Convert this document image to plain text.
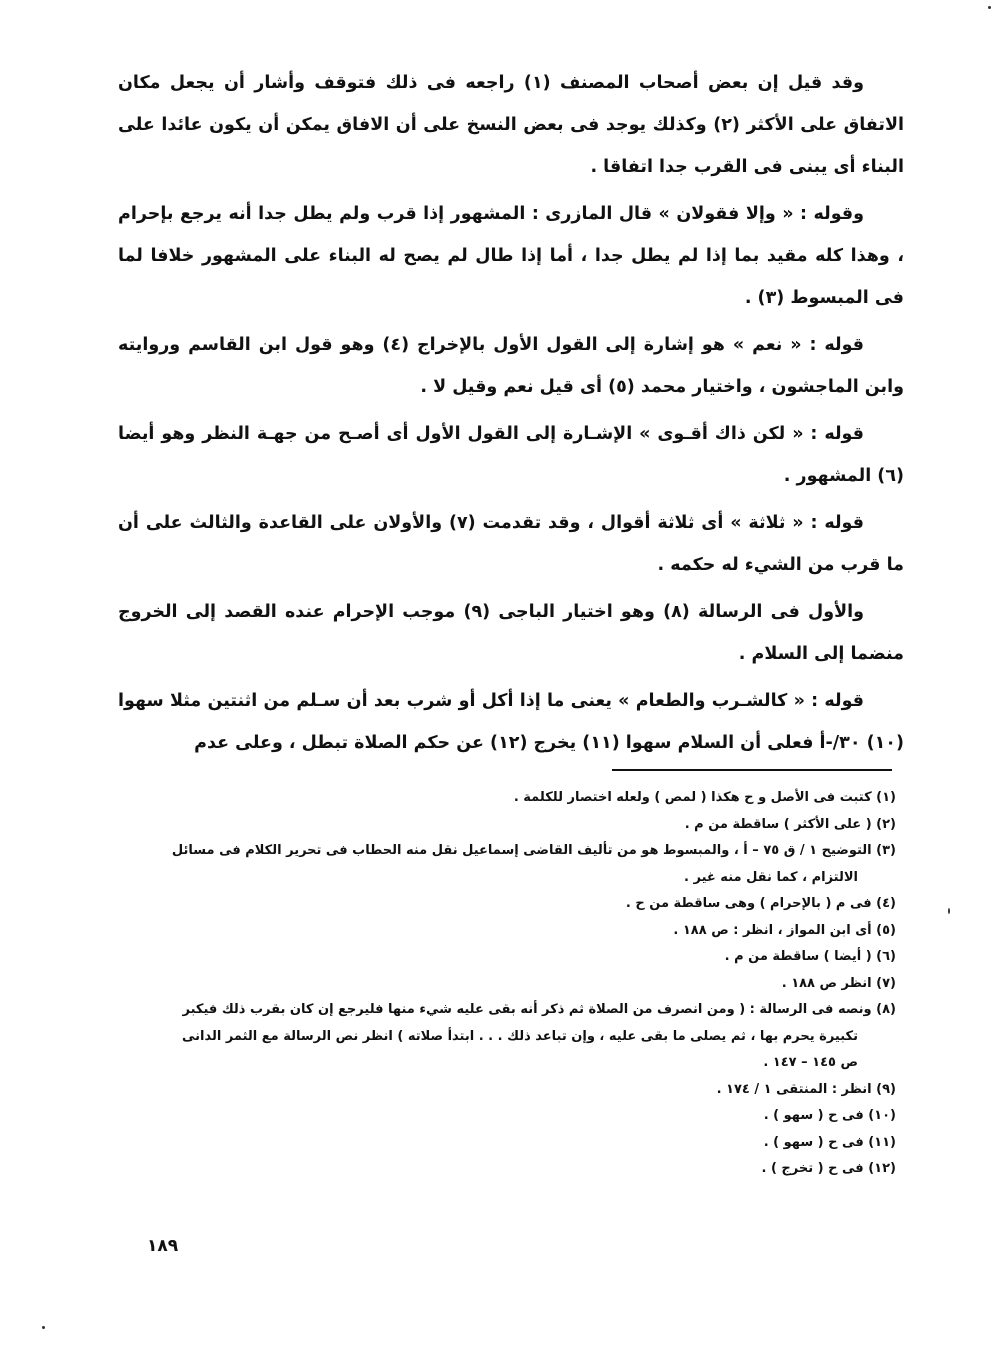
وقد قيل إن بعض أصحاب المصنف (١) راجعه فى ذلك فتوقف وأشار أن يجعل مكان الاتفاق على الأكثر (٢) وكذلك يوجد فى بعض النسخ على أن الافاق يمكن أن يكون عائدا على البناء أى يبنى فى القرب جدا اتفاقا .

وقوله : « وإلا فقولان » قال المازرى : المشهور إذا قرب ولم يطل جدا أنه يرجع بإحرام ، وهذا كله مقيد بما إذا لم يطل جدا ، أما إذا طال لم يصح له البناء على المشهور خلافا لما فى المبسوط (٣) .

قوله : « نعم » هو إشارة إلى القول الأول بالإخراج (٤) وهو قول ابن القاسم وروايته وابن الماجشون ، واختيار محمد (٥) أى قيل نعم وقيل لا .

قوله : « لكن ذاك أقـوى » الإشـارة إلى القول الأول أى أصـح من جهـة النظر وهو أيضا (٦) المشهور .

قوله : « ثلاثة » أى ثلاثة أقوال ، وقد تقدمت (٧) والأولان على القاعدة والثالث على أن ما قرب من الشيء له حكمه .

والأول فى الرسالة (٨) وهو اختيار الباجى (٩) موجب الإحرام عنده القصد إلى الخروج منضما إلى السلام .

قوله : « كالشـرب والطعام » يعنى ما إذا أكل أو شرب بعد أن سـلم من اثنتين مثلا سهوا (١٠) ٣٠/-أ فعلى أن السلام سهوا (١١) يخرج (١٢) عن حكم الصلاة تبطل ، وعلى عدم

(١) كتبت فى الأصل و ح هكذا ( لمص ) ولعله اختصار للكلمة .
(٢) ( على الأكثر ) ساقطة من م .
(٣) التوضيح ١ / ق ٧٥ – أ ، والمبسوط هو من تأليف القاضى إسماعيل نقل منه الحطاب فى تحرير الكلام فى مسائل
الالتزام ، كما نقل منه غير .
(٤) فى م ( بالإحرام ) وهى ساقطة من ح .
(٥) أى ابن المواز ، انظر : ص ١٨٨ .
(٦) ( أيضا ) ساقطة من م .
(٧) انظر ص ١٨٨ .
(٨) ونصه فى الرسالة : ( ومن انصرف من الصلاة ثم ذكر أنه بقى عليه شيء منها فليرجع إن كان بقرب ذلك فيكبر
تكبيرة يحرم بها ، ثم يصلى ما بقى عليه ، وإن تباعد ذلك . . . ابتدأ صلاته ) انظر نص الرسالة مع الثمر الدانى
ص ١٤٥ – ١٤٧ .
(٩) انظر : المنتقى ١ / ١٧٤ .
(١٠) فى ح ( سهو ) .
(١١) فى ح ( سهو ) .
(١٢) فى ح ( تخرج ) .
١٨٩
